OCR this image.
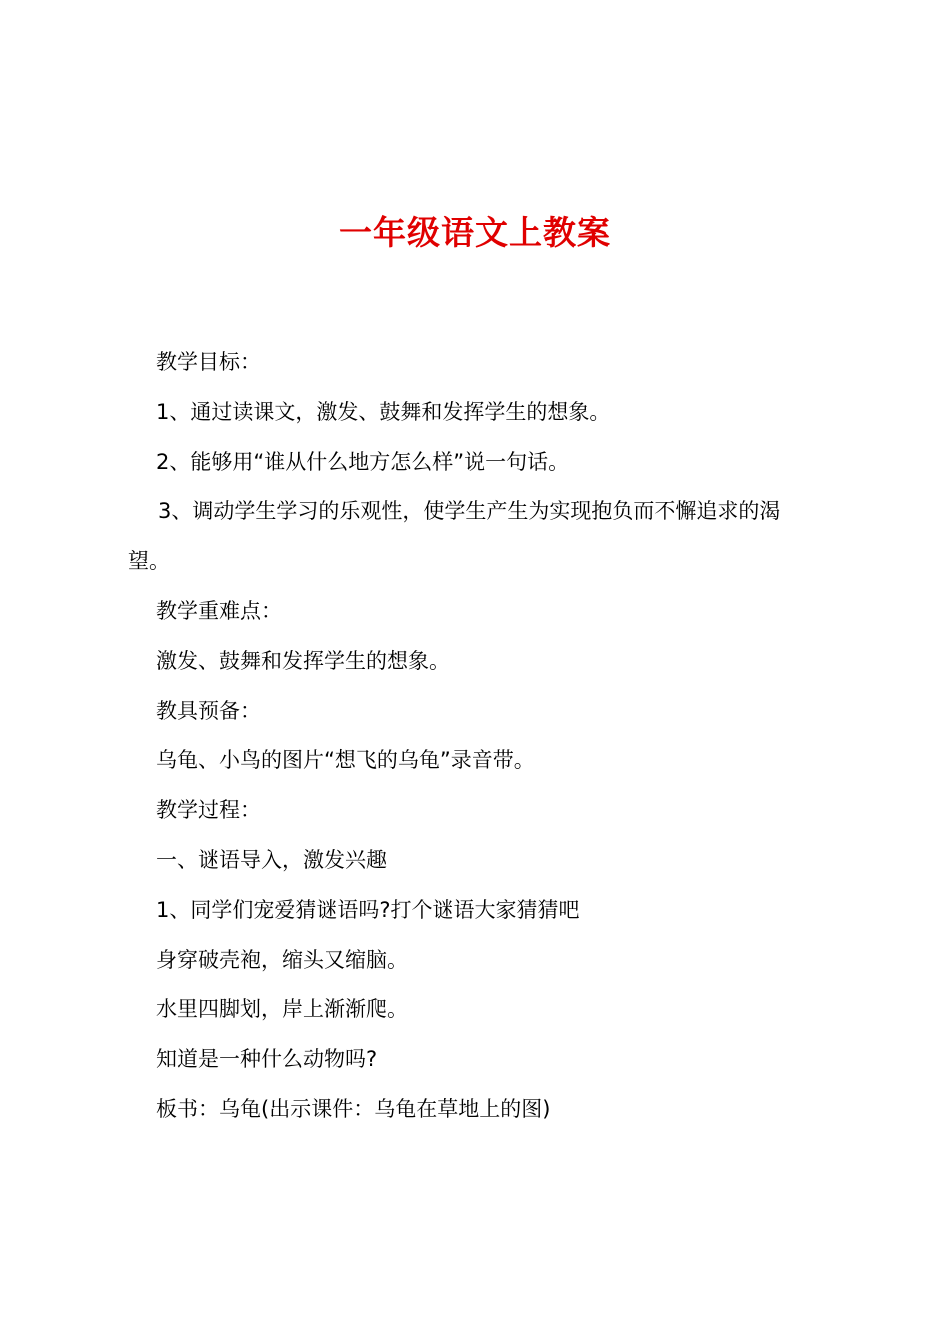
一年级语文上教案
教学目标：
1、通过读课文，激发、鼓舞和发挥学生的想象。
2、能够用“谁从什么地方怎么样”说一句话。
3、调动学生学习的乐观性，使学生产生为实现抱负而不懈追求的渴
望。
教学重难点：
激发、鼓舞和发挥学生的想象。
教具预备：
乌龟、小鸟的图片“想飞的乌龟”录音带。
教学过程：
一、谜语导入，激发兴趣
1、同学们宠爱猜谜语吗?打个谜语大家猜猜吧
身穿破壳袍，缩头又缩脑。
水里四脚划，岸上渐渐爬。
知道是一种什么动物吗?
板书：乌龟(出示课件：乌龟在草地上的图)
